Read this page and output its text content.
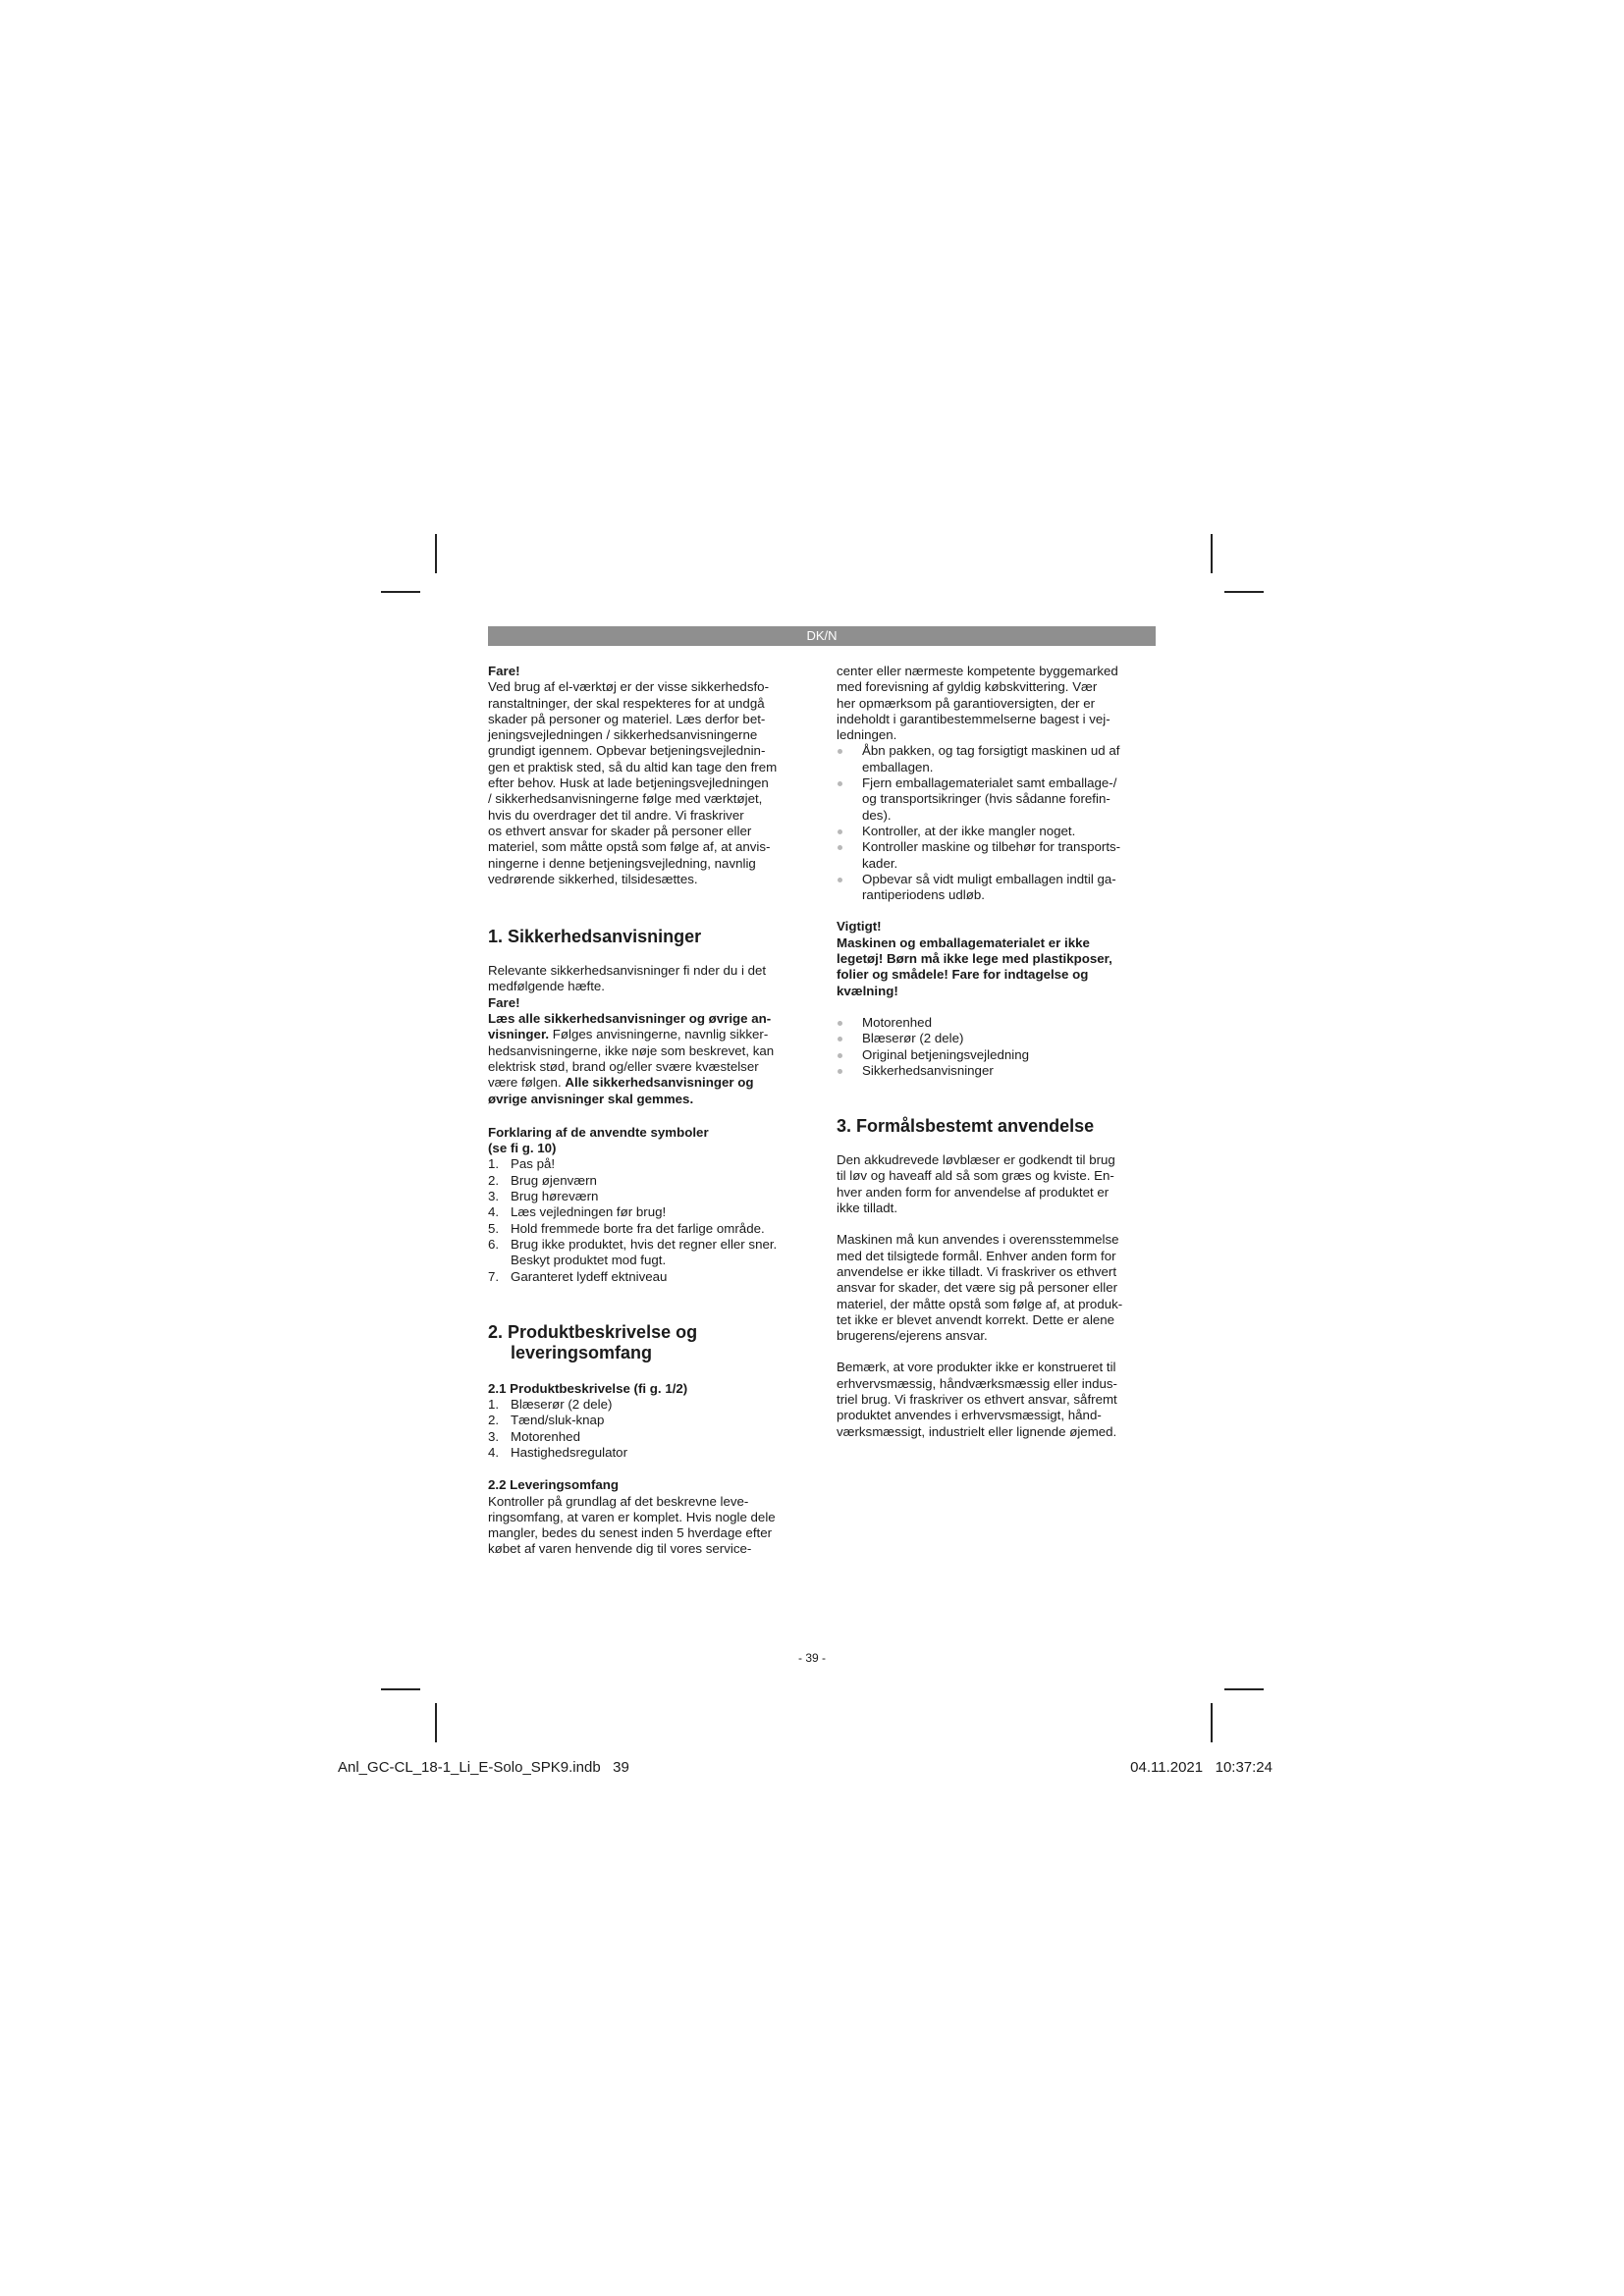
DK/N

Fare!

Ved brug af el-værktøj er der visse sikkerhedsfo-
ranstaltninger, der skal respekteres for at undgå
skader på personer og materiel. Læs derfor bet-
jeningsvejledningen / sikkerhedsanvisningerne
grundigt igennem. Opbevar betjeningsvejlednin-
gen et praktisk sted, så du altid kan tage den frem
efter behov. Husk at lade betjeningsvejledningen
/ sikkerhedsanvisningerne følge med værktøjet,
hvis du overdrager det til andre. Vi fraskriver
os ethvert ansvar for skader på personer eller
materiel, som måtte opstå som følge af, at anvis-
ningerne i denne betjeningsvejledning, navnlig
vedrørende sikkerhed, tilsidesættes.

1. Sikkerhedsanvisninger

Relevante sikkerhedsanvisninger fi nder du i det
medfølgende hæfte.

Fare!

Læs alle sikkerhedsanvisninger og øvrige an-
visninger. Følges anvisningerne, navnlig sikker-
hedsanvisningerne, ikke nøje som beskrevet, kan
elektrisk stød, brand og/eller svære kvæstelser
være følgen. Alle sikkerhedsanvisninger og
øvrige anvisninger skal gemmes.
Forklaring af de anvendte symboler
(se fi g. 10)
1. Pas på!
2. Brug øjenværn
3. Brug høreværn
4. Læs vejledningen før brug!
5. Hold fremmede borte fra det farlige område.
6. Brug ikke produktet, hvis det regner eller sner.
Beskyt produktet mod fugt.
7. Garanteret lydeff ektniveau
2. Produktbeskrivelse og
leveringsomfang

2.1 Produktbeskrivelse (fi g. 1/2)

1. Blæserør (2 dele)
2. Tænd/sluk-knap
3. Motorenhed
4. Hastighedsregulator

2.2 Leveringsomfang

Kontroller på grundlag af det beskrevne leve-
ringsomfang, at varen er komplet. Hvis nogle dele
mangler, bedes du senest inden 5 hverdage efter
købet af varen henvende dig til vores service-
center eller nærmeste kompetente byggemarked
med forevisning af gyldig købskvittering. Vær
her opmærksom på garantioversigten, der er
indeholdt i garantibestemmelserne bagest i vej-
ledningen.
Åbn pakken, og tag forsigtigt maskinen ud af
emballagen.
Fjern emballagematerialet samt emballage-/
og transportsikringer (hvis sådanne forefin-
des).
Kontroller, at der ikke mangler noget.
Kontroller maskine og tilbehør for transports-
kader.
Opbevar så vidt muligt emballagen indtil ga-
rantiperiodens udløb.

Vigtigt!

Maskinen og emballagematerialet er ikke
legetøj! Børn må ikke lege med plastikposer,
folier og smådele! Fare for indtagelse og
kvælning!
Motorenhed
Blæserør (2 dele)
Original betjeningsvejledning
Sikkerhedsanvisninger

3. Formålsbestemt anvendelse

Den akkudrevede løvblæser er godkendt til brug
til løv og haveaff ald så som græs og kviste. En-
hver anden form for anvendelse af produktet er
ikke tilladt.
Maskinen må kun anvendes i overensstemmelse
med det tilsigtede formål. Enhver anden form for
anvendelse er ikke tilladt. Vi fraskriver os ethvert
ansvar for skader, det være sig på personer eller
materiel, der måtte opstå som følge af, at produk-
tet ikke er blevet anvendt korrekt. Dette er alene
brugerens/ejerens ansvar.
Bemærk, at vore produkter ikke er konstrueret til
erhvervsmæssig, håndværksmæssig eller indus-
triel brug. Vi fraskriver os ethvert ansvar, såfremt
produktet anvendes i erhvervsmæssigt, hånd-
værksmæssigt, industrielt eller lignende øjemed.
- 39 -
Anl_GC-CL_18-1_Li_E-Solo_SPK9.indb   39	04.11.2021   10:37:24
